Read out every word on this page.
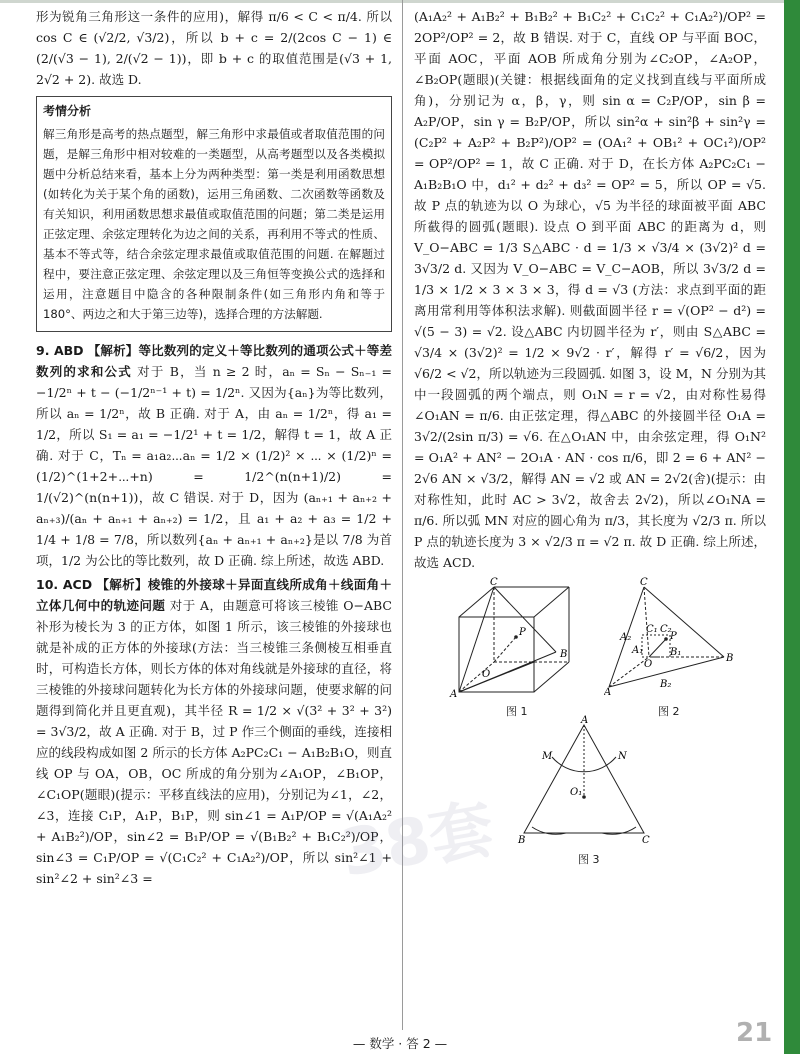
形为锐角三角形这一条件的应用)，解得 π/6 < C < π/4. 所以 cos C ∈ (√2/2, √3/2)，所以 b + c = 2/(2cos C − 1) ∈ (2/(√3 − 1), 2/(√2 − 1))，即 b + c 的取值范围是(√3 + 1, 2√2 + 2). 故选 D.

考情分析

解三角形是高考的热点题型，解三角形中求最值或者取值范围的问题，是解三角形中相对较难的一类题型，从高考题型以及各类模拟题中分析总结来看，基本上分为两种类型：第一类是利用函数思想(如转化为关于某个角的函数)，运用三角函数、二次函数等函数及有关知识，利用函数思想求最值或取值范围的问题；第二类是运用正弦定理、余弦定理转化为边之间的关系，再利用不等式的性质、基本不等式等，结合余弦定理求最值或取值范围的问题. 在解题过程中，要注意正弦定理、余弦定理以及三角恒等变换公式的选择和运用，注意题目中隐含的各种限制条件(如三角形内角和等于180°、两边之和大于第三边等)，选择合理的方法解题.

9. ABD 【解析】等比数列的定义＋等比数列的通项公式＋等差数列的求和公式 对于 B，当 n ≥ 2 时，aₙ = Sₙ − Sₙ₋₁ = −1/2ⁿ + t − (−1/2ⁿ⁻¹ + t) = 1/2ⁿ. 又因为{aₙ}为等比数列，所以 aₙ = 1/2ⁿ，故 B 正确. 对于 A，由 aₙ = 1/2ⁿ，得 a₁ = 1/2，所以 S₁ = a₁ = −1/2¹ + t = 1/2，解得 t = 1，故 A 正确. 对于 C，Tₙ = a₁a₂⋯aₙ = 1/2 × (1/2)² × ⋯ × (1/2)ⁿ = (1/2)^(1+2+⋯+n) = 1/2^(n(n+1)/2) = 1/(√2)^(n(n+1))，故 C 错误. 对于 D，因为 (aₙ₊₁ + aₙ₊₂ + aₙ₊₃)/(aₙ + aₙ₊₁ + aₙ₊₂) = 1/2，且 a₁ + a₂ + a₃ = 1/2 + 1/4 + 1/8 = 7/8，所以数列{aₙ + aₙ₊₁ + aₙ₊₂}是以 7/8 为首项，1/2 为公比的等比数列，故 D 正确. 综上所述，故选 ABD.

10. ACD 【解析】棱锥的外接球＋异面直线所成角＋线面角＋立体几何中的轨迹问题 对于 A，由题意可将该三棱锥 O−ABC 补形为棱长为 3 的正方体，如图 1 所示，该三棱锥的外接球也就是补成的正方体的外接球(方法：当三棱锥三条侧棱互相垂直时，可构造长方体，则长方体的体对角线就是外接球的直径，将三棱锥的外接球问题转化为长方体的外接球问题，使要求解的问题得到简化并且更直观)，其半径 R = 1/2 × √(3² + 3² + 3²) = 3√3/2，故 A 正确. 对于 B，过 P 作三个侧面的垂线，连接相应的线段构成如图 2 所示的长方体 A₂PC₂C₁ − A₁B₂B₁O，则直线 OP 与 OA，OB，OC 所成的角分别为∠A₁OP，∠B₁OP，∠C₁OP(题眼)(提示：平移直线法的应用)，分别记为∠1，∠2，∠3，连接 C₁P，A₁P，B₁P，则 sin∠1 = A₁P/OP = √(A₁A₂² + A₁B₂²)/OP，sin∠2 = B₁P/OP = √(B₁B₂² + B₁C₂²)/OP，sin∠3 = C₁P/OP = √(C₁C₂² + C₁A₂²)/OP，所以 sin²∠1 + sin²∠2 + sin²∠3 =

(A₁A₂² + A₁B₂² + B₁B₂² + B₁C₂² + C₁C₂² + C₁A₂²)/OP² = 2OP²/OP² = 2，故 B 错误. 对于 C，直线 OP 与平面 BOC，平面 AOC，平面 AOB 所成角分别为∠C₂OP，∠A₂OP，∠B₂OP(题眼)(关键：根据线面角的定义找到直线与平面所成角)，分别记为 α，β，γ，则 sin α = C₂P/OP，sin β = A₂P/OP，sin γ = B₂P/OP，所以 sin²α + sin²β + sin²γ = (C₂P² + A₂P² + B₂P²)/OP² = (OA₁² + OB₁² + OC₁²)/OP² = OP²/OP² = 1，故 C 正确. 对于 D，在长方体 A₂PC₂C₁ − A₁B₂B₁O 中，d₁² + d₂² + d₃² = OP² = 5，所以 OP = √5. 故 P 点的轨迹为以 O 为球心，√5 为半径的球面被平面 ABC 所截得的圆弧(题眼). 设点 O 到平面 ABC 的距离为 d，则 V_O−ABC = 1/3 S△ABC · d = 1/3 × √3/4 × (3√2)² d = 3√3/2 d. 又因为 V_O−ABC = V_C−AOB，所以 3√3/2 d = 1/3 × 1/2 × 3 × 3 × 3，得 d = √3 (方法：求点到平面的距离用常利用等体积法求解). 则截面圆半径 r = √(OP² − d²) = √(5 − 3) = √2. 设△ABC 内切圆半径为 r′，则由 S△ABC = √3/4 × (3√2)² = 1/2 × 9√2 · r′，解得 r′ = √6/2，因为 √6/2 < √2，所以轨迹为三段圆弧. 如图 3，设 M，N 分别为其中一段圆弧的两个端点，则 O₁N = r = √2，由对称性易得∠O₁AN = π/6. 由正弦定理，得△ABC 的外接圆半径 O₁A = 3√2/(2sin π/3) = √6. 在△O₁AN 中，由余弦定理，得 O₁N² = O₁A² + AN² − 2O₁A · AN · cos π/6，即 2 = 6 + AN² − 2√6 AN × √3/2，解得 AN = √2 或 AN = 2√2(舍)(提示：由对称性知，此时 AC > 3√2，故舍去 2√2)，所以∠O₁NA = π/6. 所以弧 MN 对应的圆心角为 π/3，其长度为 √2/3 π. 所以 P 点的轨迹长度为 3 × √2/3 π = √2 π. 故 D 正确. 综上所述，故选 ACD.

C
P
O
B
A
图 1
C
A₂
C₁ C₂
P
A₁	B₁
O
B₂
B
A
图 2
A
M	N
O₁
B	C
图 3
38套
— 数学 · 答 2 —	21
